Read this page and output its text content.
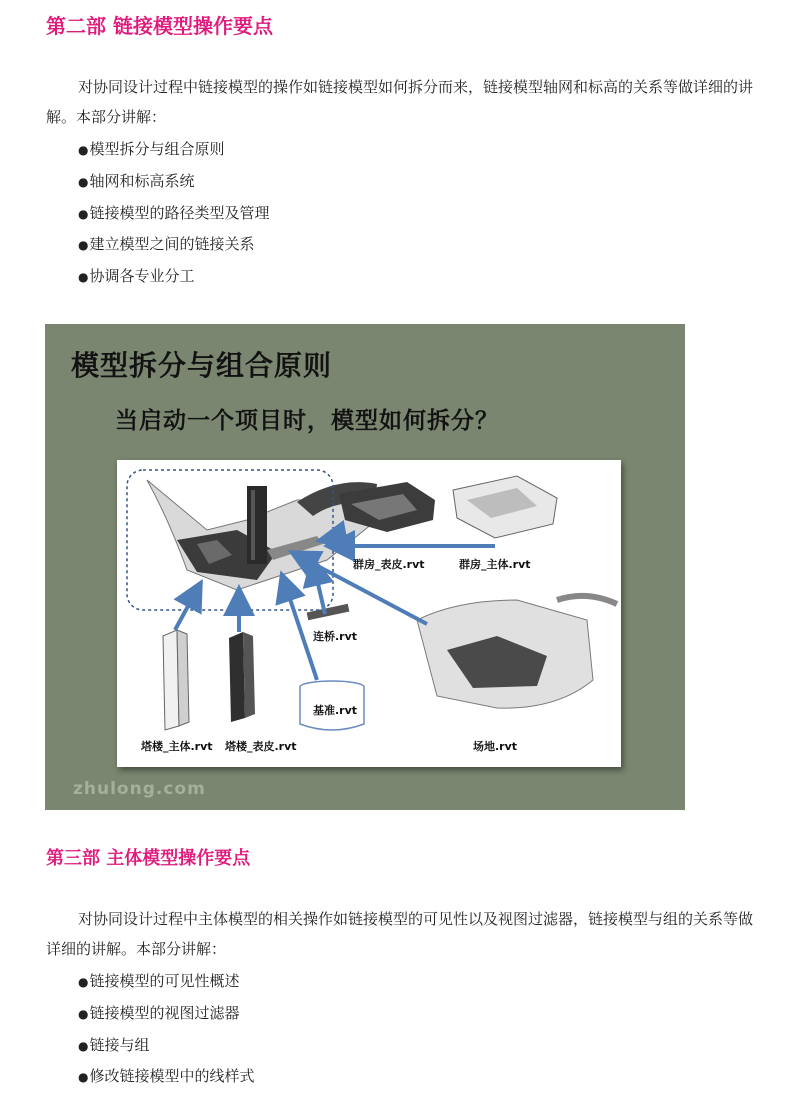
第二部 链接模型操作要点

对协同设计过程中链接模型的操作如链接模型如何拆分而来，链接模型轴网和标高的关系等做详细的讲解。本部分讲解：

● 模型拆分与组合原则
● 轴网和标高系统
● 链接模型的路径类型及管理
● 建立模型之间的链接关系
● 协调各专业分工
模型拆分与组合原则

当启动一个项目时，模型如何拆分？

群房_表皮.rvt	群房_主体.rvt
连桥.rvt
基准.rvt
塔楼_主体.rvt 塔楼_表皮.rvt	场地.rvt
zhulong.com
第三部 主体模型操作要点

对协同设计过程中主体模型的相关操作如链接模型的可见性以及视图过滤器，链接模型与组的关系等做详细的讲解。本部分讲解：

● 链接模型的可见性概述
● 链接模型的视图过滤器
● 链接与组
● 修改链接模型中的线样式
